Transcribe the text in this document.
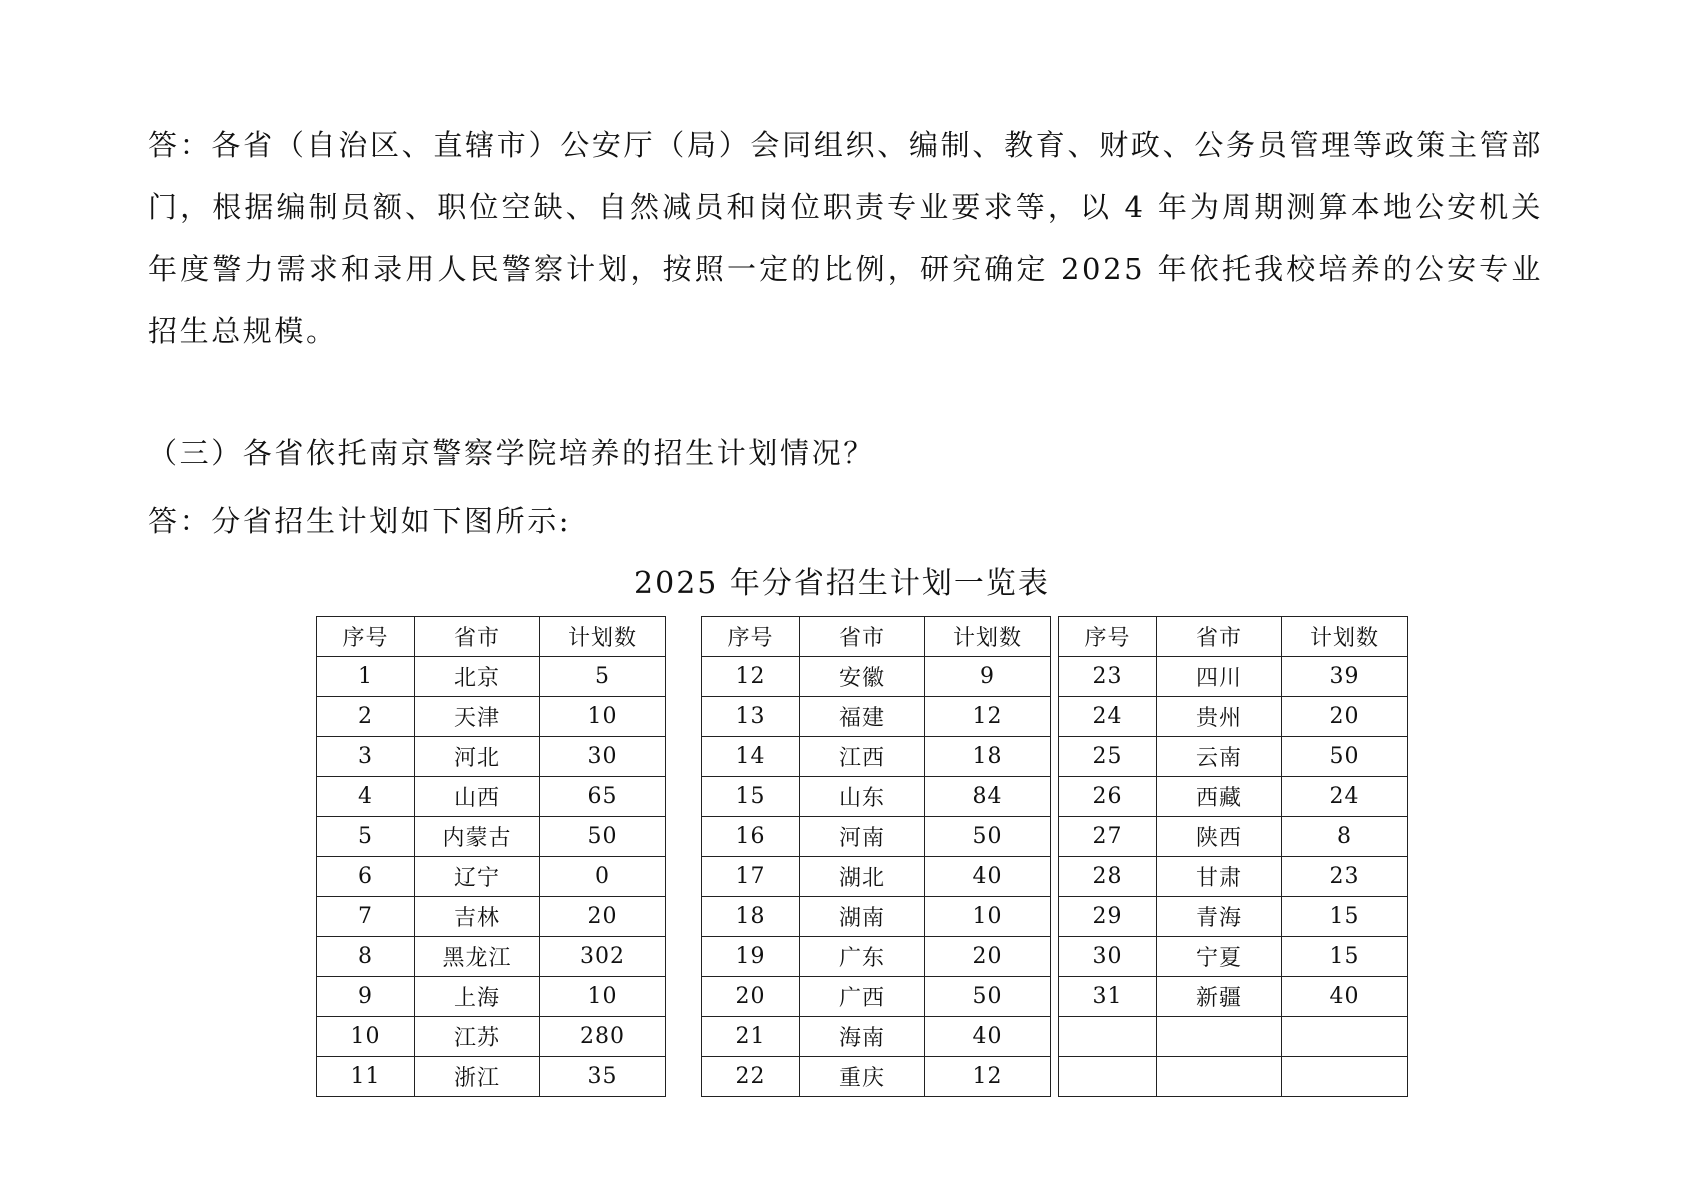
答：各省（自治区、直辖市）公安厅（局）会同组织、编制、教育、财政、公务员管理等政策主管部门，根据编制员额、职位空缺、自然减员和岗位职责专业要求等，以 4 年为周期测算本地公安机关年度警力需求和录用人民警察计划，按照一定的比例，研究确定 2025 年依托我校培养的公安专业招生总规模。

（三）各省依托南京警察学院培养的招生计划情况？

答：分省招生计划如下图所示:

2025 年分省招生计划一览表
序号	省市	计划数
1	北京	5
2	天津	10
3	河北	30
4	山西	65
5	内蒙古	50
6	辽宁	0
7	吉林	20
8	黑龙江	302
9	上海	10
10	江苏	280
11	浙江	35
序号	省市	计划数
12	安徽	9
13	福建	12
14	江西	18
15	山东	84
16	河南	50
17	湖北	40
18	湖南	10
19	广东	20
20	广西	50
21	海南	40
22	重庆	12
序号	省市	计划数
23	四川	39
24	贵州	20
25	云南	50
26	西藏	24
27	陕西	8
28	甘肃	23
29	青海	15
30	宁夏	15
31	新疆	40
